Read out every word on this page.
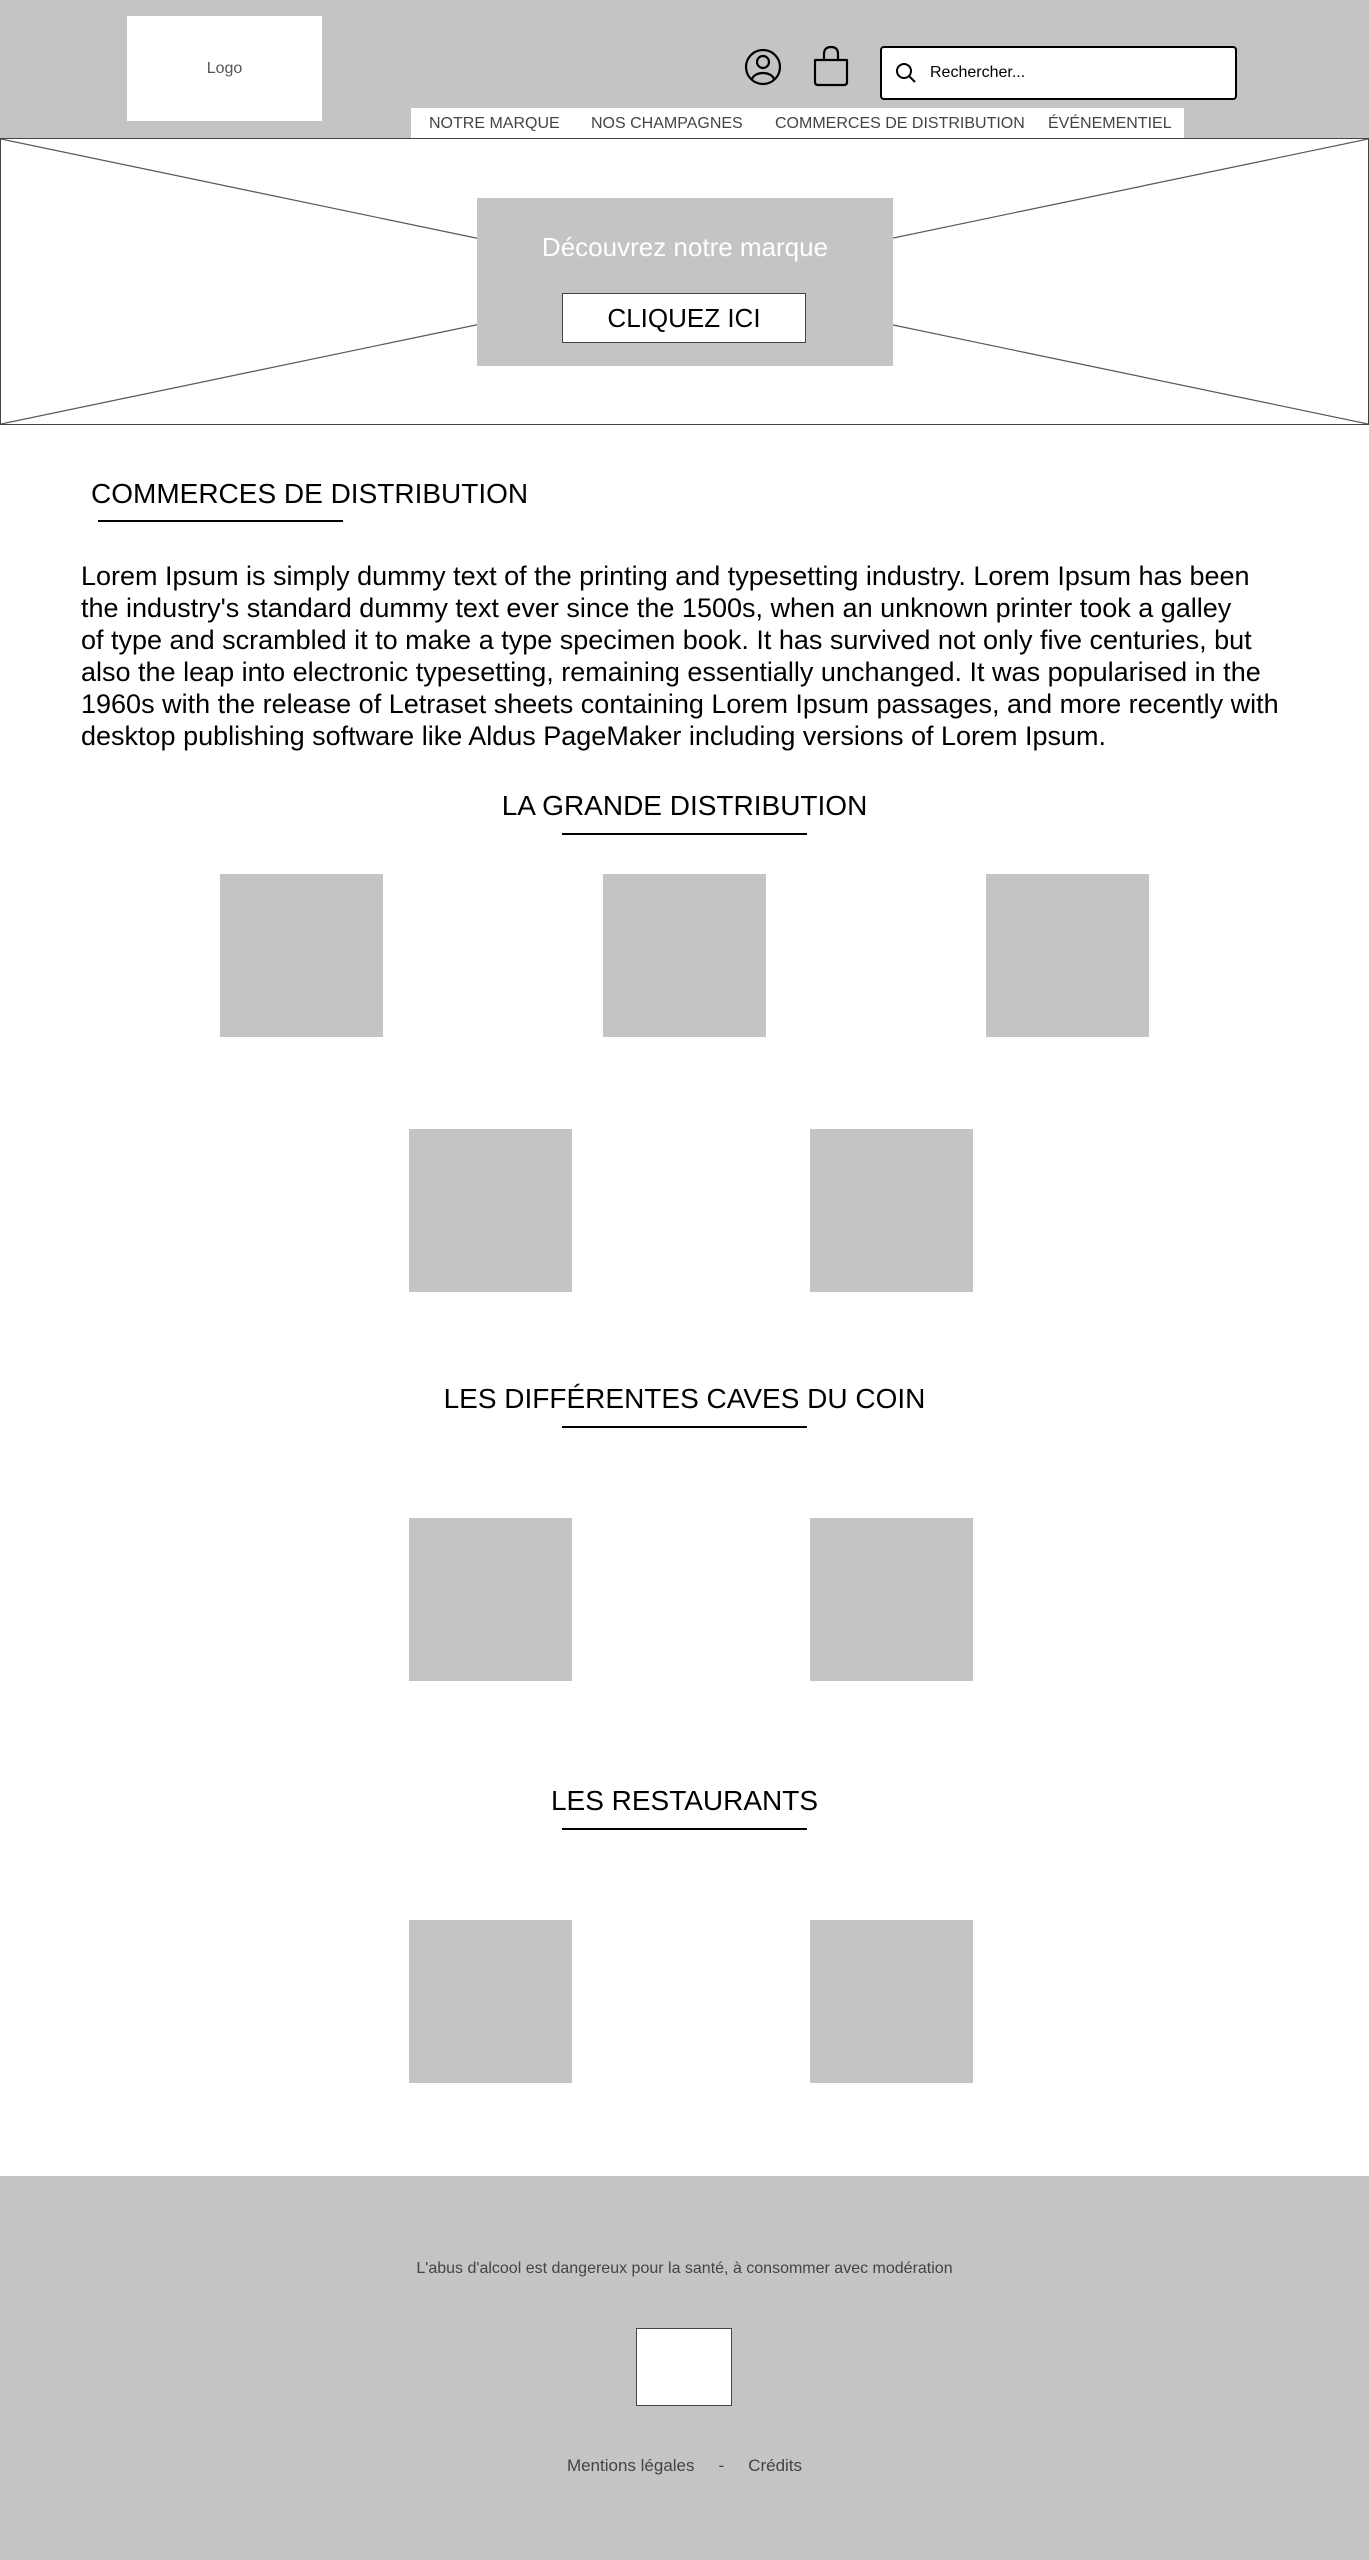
Logo
Rechercher...
NOTRE MARQUE NOS CHAMPAGNES COMMERCES DE DISTRIBUTION ÉVÉNEMENTIEL
Découvrez notre marque
CLIQUEZ ICI
COMMERCES DE DISTRIBUTION
Lorem Ipsum is simply dummy text of the printing and typesetting industry. Lorem Ipsum has been
the industry's standard dummy text ever since the 1500s, when an unknown printer took a galley
of type and scrambled it to make a type specimen book. It has survived not only five centuries, but
also the leap into electronic typesetting, remaining essentially unchanged. It was popularised in the
1960s with the release of Letraset sheets containing Lorem Ipsum passages, and more recently with
desktop publishing software like Aldus PageMaker including versions of Lorem Ipsum.
LA GRANDE DISTRIBUTION
LES DIFFÉRENTES CAVES DU COIN
LES RESTAURANTS
L'abus d'alcool est dangereux pour la santé, à consommer avec modération
Mentions légales - Crédits
